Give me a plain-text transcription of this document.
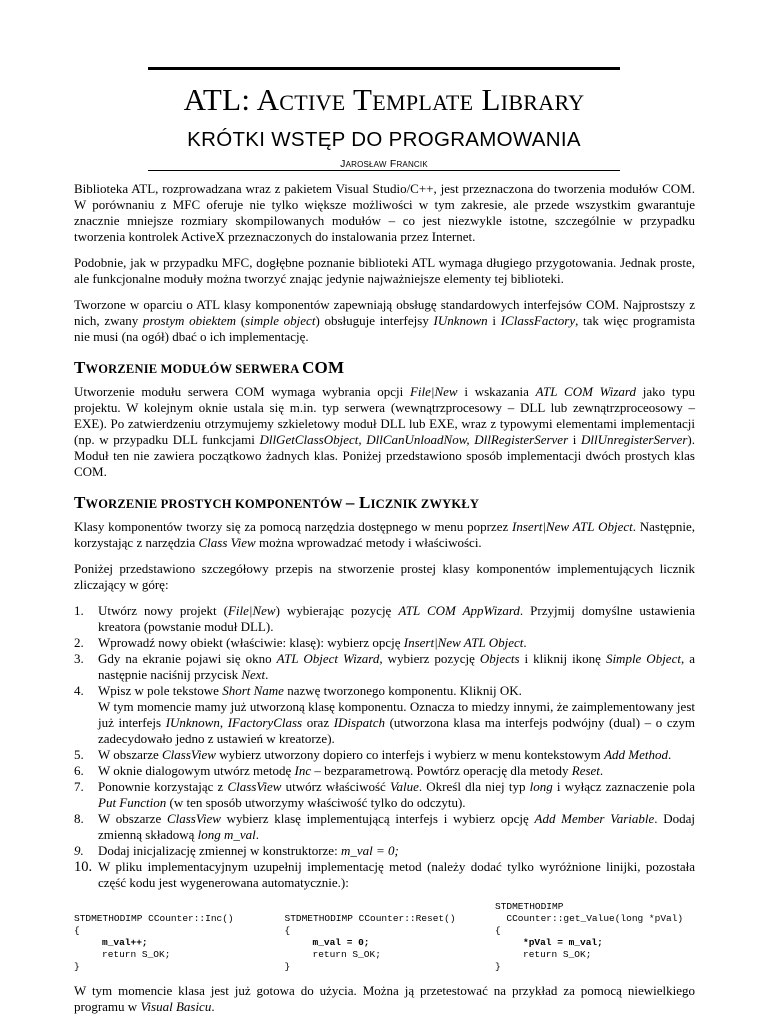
ATL: ACTIVE TEMPLATE LIBRARY
KRÓTKI WSTĘP DO PROGRAMOWANIA
JAROSŁAW FRANCIK

Biblioteka ATL, rozprowadzana wraz z pakietem Visual Studio/C++, jest przeznaczona do tworzenia modułów COM. W porównaniu z MFC oferuje nie tylko większe możliwości w tym zakresie, ale przede wszystkim gwarantuje znacznie mniejsze rozmiary skompilowanych modułów – co jest niezwykle istotne, szczególnie w przypadku tworzenia kontrolek ActiveX przeznaczonych do instalowania przez Internet.

Podobnie, jak w przypadku MFC, dogłębne poznanie biblioteki ATL wymaga długiego przygotowania. Jednak proste, ale funkcjonalne moduły można tworzyć znając jedynie najważniejsze elementy tej biblioteki.

Tworzone w oparciu o ATL klasy komponentów zapewniają obsługę standardowych interfejsów COM. Najprostszy z nich, zwany prostym obiektem (simple object) obsługuje interfejsy IUnknown i IClassFactory, tak więc programista nie musi (na ogół) dbać o ich implementację.

TWORZENIE MODUŁÓW SERWERA COM

Utworzenie modułu serwera COM wymaga wybrania opcji File|New i wskazania ATL COM Wizard jako typu projektu. W kolejnym oknie ustala się m.in. typ serwera (wewnątrzprocesowy – DLL lub zewnątrzproceosowy – EXE). Po zatwierdzeniu otrzymujemy szkieletowy moduł DLL lub EXE, wraz z typowymi elementami implementacji (np. w przypadku DLL funkcjami DllGetClassObject, DllCanUnloadNow, DllRegisterServer i DllUnregisterServer). Moduł ten nie zawiera początkowo żadnych klas. Poniżej przedstawiono sposób implementacji dwóch prostych klas COM.

TWORZENIE PROSTYCH KOMPONENTÓW – LICZNIK ZWYKŁY

Klasy komponentów tworzy się za pomocą narzędzia dostępnego w menu poprzez Insert|New ATL Object. Następnie, korzystając z narzędzia Class View można wprowadzać metody i właściwości.

Poniżej przedstawiono szczegółowy przepis na stworzenie prostej klasy komponentów implementujących licznik zliczający w górę:

1. Utwórz nowy projekt (File|New) wybierając pozycję ATL COM AppWizard. Przyjmij domyślne ustawienia kreatora (powstanie moduł DLL).
2. Wprowadź nowy obiekt (właściwie: klasę): wybierz opcję Insert|New ATL Object.
3. Gdy na ekranie pojawi się okno ATL Object Wizard, wybierz pozycję Objects i kliknij ikonę Simple Object, a następnie naciśnij przycisk Next.
4. Wpisz w pole tekstowe Short Name nazwę tworzonego komponentu. Kliknij OK.
W tym momencie mamy już utworzoną klasę komponentu. Oznacza to miedzy innymi, że zaimplementowany jest już interfejs IUnknown, IFactoryClass oraz IDispatch (utworzona klasa ma interfejs podwójny (dual) – o czym zadecydowało jedno z ustawień w kreatorze).
5. W obszarze ClassView wybierz utworzony dopiero co interfejs i wybierz w menu kontekstowym Add Method.
6. W oknie dialogowym utwórz metodę Inc – bezparametrową. Powtórz operację dla metody Reset.
7. Ponownie korzystając z ClassView utwórz właściwość Value. Określ dla niej typ long i wyłącz zaznaczenie pola Put Function (w ten sposób utworzymy właściwość tylko do odczytu).
8. W obszarze ClassView wybierz klasę implementującą interfejs i wybierz opcję Add Member Variable. Dodaj zmienną składową long m_val.
9. Dodaj inicjalizację zmiennej w konstruktorze: m_val = 0;
10. W pliku implementacyjnym uzupełnij implementację metod (należy dodać tylko wyróżnione linijki, pozostała część kodu jest wygenerowana automatycznie.):

STDMETHODIMP CCounter::Inc()
{
m_val++;
return S_OK;
}

STDMETHODIMP CCounter::Reset()
{
m_val = 0;
return S_OK;
}
STDMETHODIMP
CCounter::get_Value(long *pVal)
{
*pVal = m_val;
return S_OK;
}

W tym momencie klasa jest już gotowa do użycia. Można ją przetestować na przykład za pomocą niewielkiego programu w Visual Basicu.
